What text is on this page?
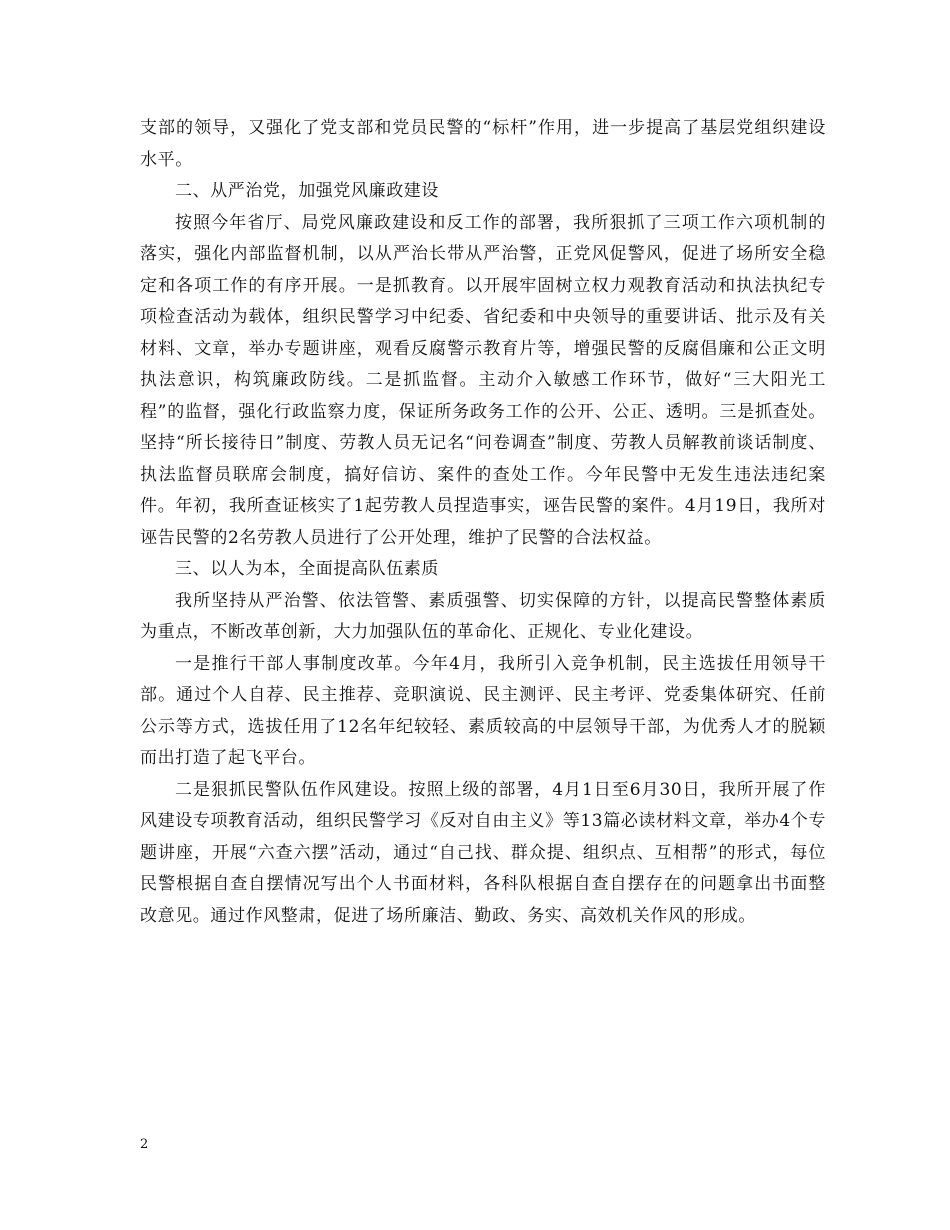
支部的领导，又强化了党支部和党员民警的“标杆”作用，进一步提高了基层党组织建设水平。

二、从严治党，加强党风廉政建设

按照今年省厅、局党风廉政建设和反工作的部署，我所狠抓了三项工作六项机制的落实，强化内部监督机制，以从严治长带从严治警，正党风促警风，促进了场所安全稳定和各项工作的有序开展。一是抓教育。以开展牢固树立权力观教育活动和执法执纪专项检查活动为载体，组织民警学习中纪委、省纪委和中央领导的重要讲话、批示及有关材料、文章，举办专题讲座，观看反腐警示教育片等，增强民警的反腐倡廉和公正文明执法意识，构筑廉政防线。二是抓监督。主动介入敏感工作环节，做好“三大阳光工程”的监督，强化行政监察力度，保证所务政务工作的公开、公正、透明。三是抓查处。坚持“所长接待日”制度、劳教人员无记名“问卷调查”制度、劳教人员解教前谈话制度、执法监督员联席会制度，搞好信访、案件的查处工作。今年民警中无发生违法违纪案件。年初，我所查证核实了1起劳教人员捏造事实，诬告民警的案件。4月19日，我所对诬告民警的2名劳教人员进行了公开处理，维护了民警的合法权益。

三、以人为本，全面提高队伍素质

我所坚持从严治警、依法管警、素质强警、切实保障的方针，以提高民警整体素质为重点，不断改革创新，大力加强队伍的革命化、正规化、专业化建设。

一是推行干部人事制度改革。今年4月，我所引入竞争机制，民主选拔任用领导干部。通过个人自荐、民主推荐、竞职演说、民主测评、民主考评、党委集体研究、任前公示等方式，选拔任用了12名年纪较轻、素质较高的中层领导干部，为优秀人才的脱颖而出打造了起飞平台。

二是狠抓民警队伍作风建设。按照上级的部署，4月1日至6月30日，我所开展了作风建设专项教育活动，组织民警学习《反对自由主义》等13篇必读材料文章，举办4个专题讲座，开展“六查六摆”活动，通过“自己找、群众提、组织点、互相帮”的形式，每位民警根据自查自摆情况写出个人书面材料，各科队根据自查自摆存在的问题拿出书面整改意见。通过作风整肃，促进了场所廉洁、勤政、务实、高效机关作风的形成。

2
